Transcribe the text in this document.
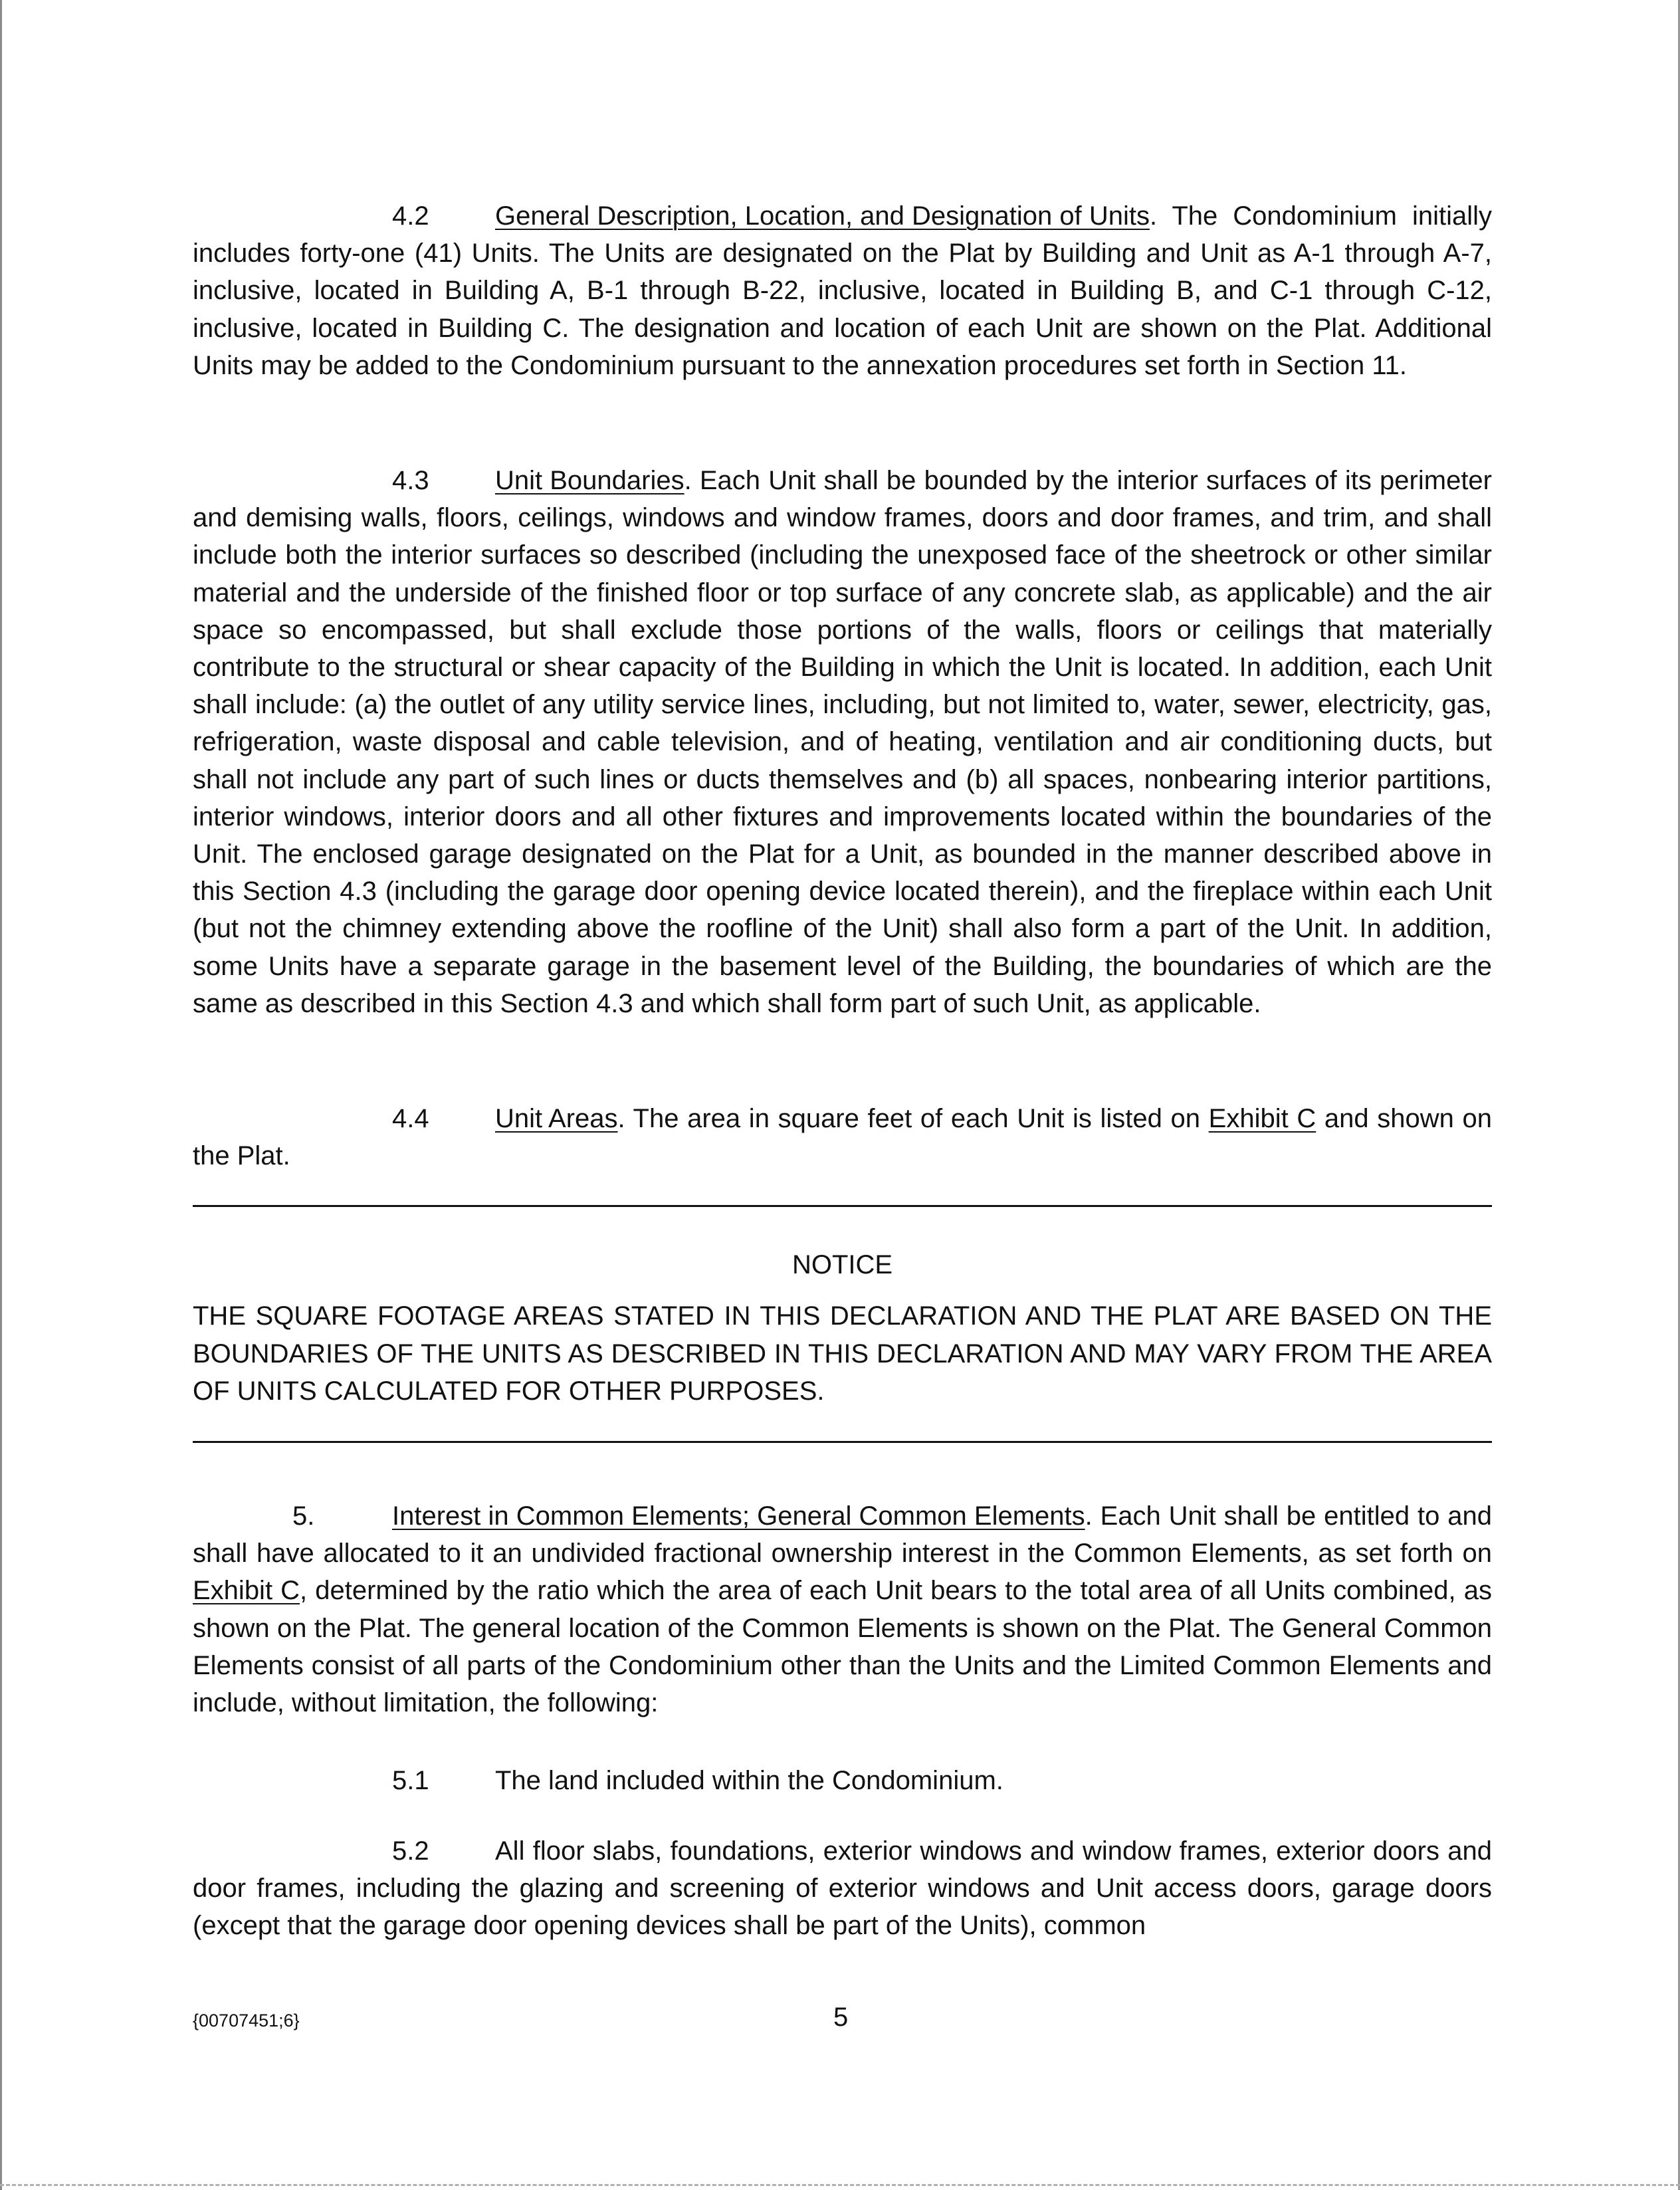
4.2 General Description, Location, and Designation of Units. The Condominium initially includes forty-one (41) Units. The Units are designated on the Plat by Building and Unit as A-1 through A-7, inclusive, located in Building A, B-1 through B-22, inclusive, located in Building B, and C-1 through C-12, inclusive, located in Building C. The designation and location of each Unit are shown on the Plat. Additional Units may be added to the Condominium pursuant to the annexation procedures set forth in Section 11.

4.3 Unit Boundaries. Each Unit shall be bounded by the interior surfaces of its perimeter and demising walls, floors, ceilings, windows and window frames, doors and door frames, and trim, and shall include both the interior surfaces so described (including the unexposed face of the sheetrock or other similar material and the underside of the finished floor or top surface of any concrete slab, as applicable) and the air space so encompassed, but shall exclude those portions of the walls, floors or ceilings that materially contribute to the structural or shear capacity of the Building in which the Unit is located. In addition, each Unit shall include: (a) the outlet of any utility service lines, including, but not limited to, water, sewer, electricity, gas, refrigeration, waste disposal and cable television, and of heating, ventilation and air conditioning ducts, but shall not include any part of such lines or ducts themselves and (b) all spaces, nonbearing interior partitions, interior windows, interior doors and all other fixtures and improvements located within the boundaries of the Unit. The enclosed garage designated on the Plat for a Unit, as bounded in the manner described above in this Section 4.3 (including the garage door opening device located therein), and the fireplace within each Unit (but not the chimney extending above the roofline of the Unit) shall also form a part of the Unit. In addition, some Units have a separate garage in the basement level of the Building, the boundaries of which are the same as described in this Section 4.3 and which shall form part of such Unit, as applicable.

4.4 Unit Areas. The area in square feet of each Unit is listed on Exhibit C and shown on the Plat.

NOTICE
THE SQUARE FOOTAGE AREAS STATED IN THIS DECLARATION AND THE PLAT ARE BASED ON THE BOUNDARIES OF THE UNITS AS DESCRIBED IN THIS DECLARATION AND MAY VARY FROM THE AREA OF UNITS CALCULATED FOR OTHER PURPOSES.

5.	Interest in Common Elements; General Common Elements. Each Unit shall be entitled to and shall have allocated to it an undivided fractional ownership interest in the Common Elements, as set forth on Exhibit C, determined by the ratio which the area of each Unit bears to the total area of all Units combined, as shown on the Plat. The general location of the Common Elements is shown on the Plat. The General Common Elements consist of all parts of the Condominium other than the Units and the Limited Common Elements and include, without limitation, the following:

5.1 The land included within the Condominium.

5.2 All floor slabs, foundations, exterior windows and window frames, exterior doors and door frames, including the glazing and screening of exterior windows and Unit access doors, garage doors (except that the garage door opening devices shall be part of the Units), common

{00707451;6}	5
